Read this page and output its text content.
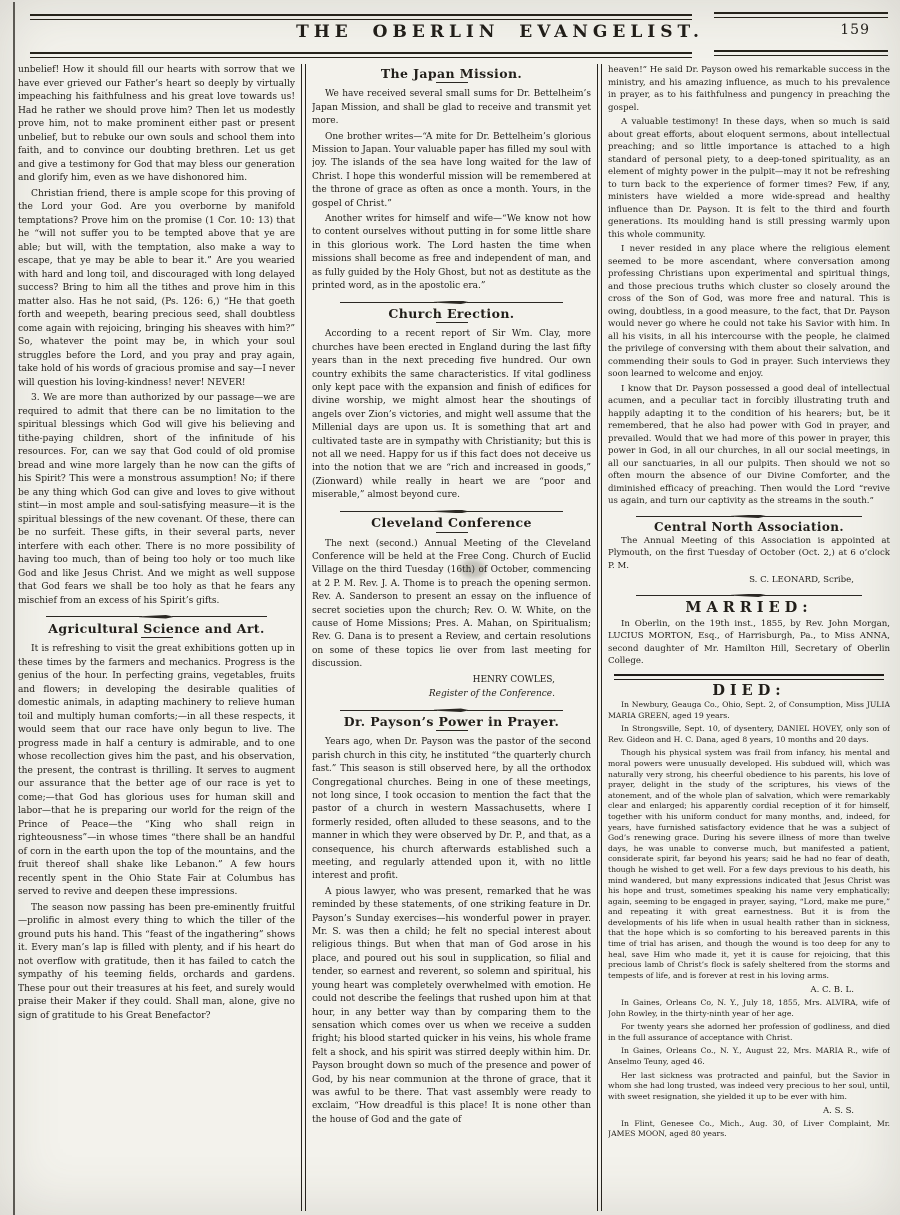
THE OBERLIN EVANGELIST.	159

unbelief! How it should fill our hearts with sorrow that we have ever grieved our Father’s heart so deeply by virtually impeaching his faithfulness and his great love towards us! Had he rather we should prove him? Then let us modestly prove him, not to make prominent either past or present unbelief, but to rebuke our own souls and school them into faith, and to convince our doubting brethren. Let us get and give a testimony for God that may bless our generation and glorify him, even as we have dishonored him.

Christian friend, there is ample scope for this proving of the Lord your God. Are you overborne by manifold temptations? Prove him on the promise (1 Cor. 10: 13) that he “will not suffer you to be tempted above that ye are able; but will, with the temptation, also make a way to escape, that ye may be able to bear it.” Are you wearied with hard and long toil, and discouraged with long delayed success? Bring to him all the tithes and prove him in this matter also. Has he not said, (Ps. 126: 6,) “He that goeth forth and weepeth, bearing precious seed, shall doubtless come again with rejoicing, bringing his sheaves with him?” So, whatever the point may be, in which your soul struggles before the Lord, and you pray and pray again, take hold of his words of gracious promise and say—I never will question his loving-kindness! never! NEVER!

3. We are more than authorized by our passage—we are required to admit that there can be no limitation to the spiritual blessings which God will give his believing and tithe-paying children, short of the infinitude of his resources. For, can we say that God could of old promise bread and wine more largely than he now can the gifts of his Spirit? This were a monstrous assumption! No; if there be any thing which God can give and loves to give without stint—in most ample and soul-satisfying measure—it is the spiritual blessings of the new covenant. Of these, there can be no surfeit. These gifts, in their several parts, never interfere with each other. There is no more possibility of having too much, than of being too holy or too much like God and like Jesus Christ. And we might as well suppose that God fears we shall be too holy as that he fears any mischief from an excess of his Spirit’s gifts.

Agricultural Science and Art.

It is refreshing to visit the great exhibitions gotten up in these times by the farmers and mechanics. Progress is the genius of the hour. In perfecting grains, vegetables, fruits and flowers; in developing the desirable qualities of domestic animals, in adapting machinery to relieve human toil and multiply human comforts;—in all these respects, it would seem that our race have only begun to live. The progress made in half a century is admirable, and to one whose recollection gives him the past, and his observation, the present, the contrast is thrilling. It serves to augment our assurance that the better age of our race is yet to come;—that God has glorious uses for human skill and labor—that he is preparing our world for the reign of the Prince of Peace—the “King who shall reign in righteousness”—in whose times “there shall be an handful of corn in the earth upon the top of the mountains, and the fruit thereof shall shake like Lebanon.” A few hours recently spent in the Ohio State Fair at Columbus has served to revive and deepen these impressions.

The season now passing has been pre-eminently fruitful—prolific in almost every thing to which the tiller of the ground puts his hand. This “feast of the ingathering” shows it. Every man’s lap is filled with plenty, and if his heart do not overflow with gratitude, then it has failed to catch the sympathy of his teeming fields, orchards and gardens. These pour out their treasures at his feet, and surely would praise their Maker if they could. Shall man, alone, give no sign of gratitude to his Great Benefactor?

The Japan Mission.

We have received several small sums for Dr. Bettelheim’s Japan Mission, and shall be glad to receive and transmit yet more.

One brother writes—“A mite for Dr. Bettelheim’s glorious Mission to Japan. Your valuable paper has filled my soul with joy. The islands of the sea have long waited for the law of Christ. I hope this wonderful mission will be remembered at the throne of grace as often as once a month. Yours, in the gospel of Christ.”

Another writes for himself and wife—“We know not how to content ourselves without putting in for some little share in this glorious work. The Lord hasten the time when missions shall become as free and independent of man, and as fully guided by the Holy Ghost, but not as destitute as the printed word, as in the apostolic era.”

Church Erection.

According to a recent report of Sir Wm. Clay, more churches have been erected in England during the last fifty years than in the next preceding five hundred. Our own country exhibits the same characteristics. If vital godliness only kept pace with the expansion and finish of edifices for divine worship, we might almost hear the shoutings of angels over Zion’s victories, and might well assume that the Millenial days are upon us. It is something that art and cultivated taste are in sympathy with Christianity; but this is not all we need. Happy for us if this fact does not deceive us into the notion that we are “rich and increased in goods,” (Zionward) while really in heart we are “poor and miserable,” almost beyond cure.

Cleveland Conference

The next (second.) Annual Meeting of the Cleveland Conference will be held at the Free Cong. Church of Euclid Village on the third Tuesday (16th) of October, commencing at 2 P. M. Rev. J. A. Thome is to preach the opening sermon. Rev. A. Sanderson to present an essay on the influence of secret societies upon the church; Rev. O. W. White, on the cause of Home Missions; Pres. A. Mahan, on Spiritualism; Rev. G. Dana is to present a Review, and certain resolutions on some of these topics lie over from last meeting for discussion.

HENRY COWLES,
Register of the Conference.
Dr. Payson’s Power in Prayer.

Years ago, when Dr. Payson was the pastor of the second parish church in this city, he instituted “the quarterly church fast.” This season is still observed here, by all the orthodox Congregational churches. Being in one of these meetings, not long since, I took occasion to mention the fact that the pastor of a church in western Massachusetts, where I formerly resided, often alluded to these seasons, and to the manner in which they were observed by Dr. P., and that, as a consequence, his church afterwards established such a meeting, and regularly attended upon it, with no little interest and profit.

A pious lawyer, who was present, remarked that he was reminded by these statements, of one striking feature in Dr. Payson’s Sunday exercises—his wonderful power in prayer. Mr. S. was then a child; he felt no special interest about religious things. But when that man of God arose in his place, and poured out his soul in supplication, so filial and tender, so earnest and reverent, so solemn and spiritual, his young heart was completely overwhelmed with emotion. He could not describe the feelings that rushed upon him at that hour, in any better way than by comparing them to the sensation which comes over us when we receive a sudden fright; his blood started quicker in his veins, his whole frame felt a shock, and his spirit was stirred deeply within him. Dr. Payson brought down so much of the presence and power of God, by his near communion at the throne of grace, that it was awful to be there. That vast assembly were ready to exclaim, “How dreadful is this place! It is none other than the house of God and the gate of

heaven!” He said Dr. Payson owed his remarkable success in the ministry, and his amazing influence, as much to his prevalence in prayer, as to his faithfulness and pungency in preaching the gospel.

A valuable testimony! In these days, when so much is said about great efforts, about eloquent sermons, about intellectual preaching; and so little importance is attached to a high standard of personal piety, to a deep-toned spirituality, as an element of mighty power in the pulpit—may it not be refreshing to turn back to the experience of former times? Few, if any, ministers have wielded a more wide-spread and healthy influence than Dr. Payson. It is felt to the third and fourth generations. Its moulding hand is still pressing warmly upon this whole community.

I never resided in any place where the religious element seemed to be more ascendant, where conversation among professing Christians upon experimental and spiritual things, and those precious truths which cluster so closely around the cross of the Son of God, was more free and natural. This is owing, doubtless, in a good measure, to the fact, that Dr. Payson would never go where he could not take his Savior with him. In all his visits, in all his intercourse with the people, he claimed the privilege of conversing with them about their salvation, and commending their souls to God in prayer. Such interviews they soon learned to welcome and enjoy.

I know that Dr. Payson possessed a good deal of intellectual acumen, and a peculiar tact in forcibly illustrating truth and happily adapting it to the condition of his hearers; but, be it remembered, that he also had power with God in prayer, and prevailed. Would that we had more of this power in prayer, this power in God, in all our churches, in all our social meetings, in all our sanctuaries, in all our pulpits. Then should we not so often mourn the absence of our Divine Comforter, and the diminished efficacy of preaching. Then would the Lord “revive us again, and turn our captivity as the streams in the south.”

Central North Association.

The Annual Meeting of this Association is appointed at Plymouth, on the first Tuesday of October (Oct. 2,) at 6 o’clock P. M.

S. C. LEONARD, Scribe,
MARRIED:

In Oberlin, on the 19th inst., 1855, by Rev. John Morgan, LUCIUS MORTON, Esq., of Harrisburgh, Pa., to Miss ANNA, second daughter of Mr. Hamilton Hill, Secretary of Oberlin College.

DIED:

In Newbury, Geauga Co., Ohio, Sept. 2, of Consumption, Miss JULIA MARIA GREEN, aged 19 years.

In Strongsville, Sept. 10, of dysentery, DANIEL HOVEY, only son of Rev. Gideon and H. C. Dana, aged 8 years, 10 months and 20 days.

Though his physical system was frail from infancy, his mental and moral powers were unusually developed. His subdued will, which was naturally very strong, his cheerful obedience to his parents, his love of prayer, delight in the study of the scriptures, his views of the atonement, and of the whole plan of salvation, which were remarkably clear and enlarged; his apparently cordial reception of it for himself, together with his uniform conduct for many months, and, indeed, for years, have furnished satisfactory evidence that he was a subject of God’s renewing grace. During his severe illness of more than twelve days, he was unable to converse much, but manifested a patient, considerate spirit, far beyond his years; said he had no fear of death, though he wished to get well. For a few days previous to his death, his mind wandered, but many expressions indicated that Jesus Christ was his hope and trust, sometimes speaking his name very emphatically; again, seeming to be engaged in prayer, saying, “Lord, make me pure,” and repeating it with great earnestness. But it is from the developments of his life when in usual health rather than in sickness, that the hope which is so comforting to his bereaved parents in this time of trial has arisen, and though the wound is too deep for any to heal, save Him who made it, yet it is cause for rejoicing, that this precious lamb of Christ’s flock is safely sheltered from the storms and tempests of life, and is forever at rest in his loving arms.

A. C. B. L.

In Gaines, Orleans Co, N. Y., July 18, 1855, Mrs. ALVIRA, wife of John Rowley, in the thirty-ninth year of her age.

For twenty years she adorned her profession of godliness, and died in the full assurance of acceptance with Christ.

In Gaines, Orleans Co., N. Y., August 22, Mrs. MARIA R., wife of Anselmo Teuny, aged 46.

Her last sickness was protracted and painful, but the Savior in whom she had long trusted, was indeed very precious to her soul, until, with sweet resignation, she yielded it up to be ever with him.

A. S. S.

In Flint, Genesee Co., Mich., Aug. 30, of Liver Complaint, Mr. JAMES MOON, aged 80 years.
